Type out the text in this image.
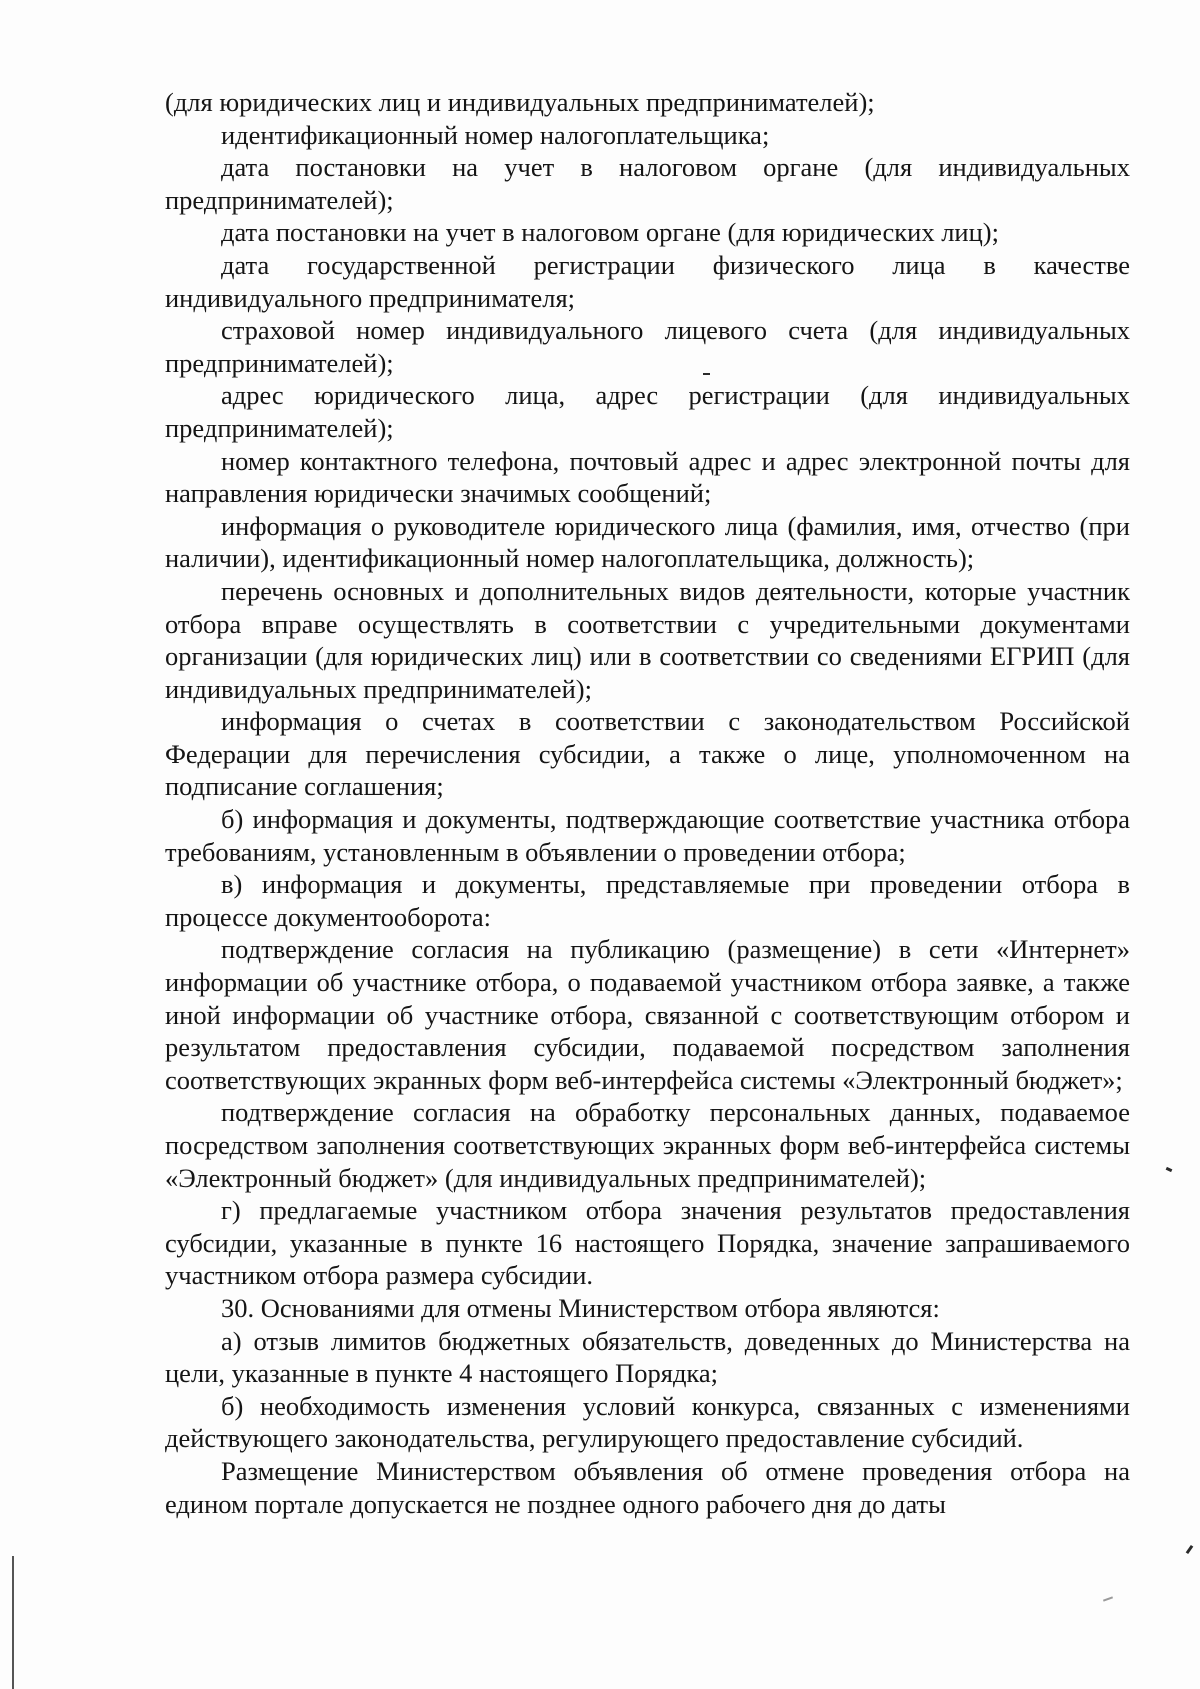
(для юридических лиц и индивидуальных предпринимателей);

идентификационный номер налогоплательщика;

дата постановки на учет в налоговом органе (для индивидуальных предпринимателей);

дата постановки на учет в налоговом органе (для юридических лиц);

дата государственной регистрации физического лица в качестве индивидуального предпринимателя;

страховой номер индивидуального лицевого счета (для индивидуальных предпринимателей);

адрес юридического лица, адрес регистрации (для индивидуальных предпринимателей);

номер контактного телефона, почтовый адрес и адрес электронной почты для направления юридически значимых сообщений;

информация о руководителе юридического лица (фамилия, имя, отчество (при наличии), идентификационный номер налогоплательщика, должность);

перечень основных и дополнительных видов деятельности, которые участник отбора вправе осуществлять в соответствии с учредительными документами организации (для юридических лиц) или в соответствии со сведениями ЕГРИП (для индивидуальных предпринимателей);

информация о счетах в соответствии с законодательством Российской Федерации для перечисления субсидии, а также о лице, уполномоченном на подписание соглашения;

б) информация и документы, подтверждающие соответствие участника отбора требованиям, установленным в объявлении о проведении отбора;

в) информация и документы, представляемые при проведении отбора в процессе документооборота:

подтверждение согласия на публикацию (размещение) в сети «Интернет» информации об участнике отбора, о подаваемой участником отбора заявке, а также иной информации об участнике отбора, связанной с соответствующим отбором и результатом предоставления субсидии, подаваемой посредством заполнения соответствующих экранных форм веб-интерфейса системы «Электронный бюджет»;

подтверждение согласия на обработку персональных данных, подаваемое посредством заполнения соответствующих экранных форм веб-интерфейса системы «Электронный бюджет» (для индивидуальных предпринимателей);

г) предлагаемые участником отбора значения результатов предоставления субсидии, указанные в пункте 16 настоящего Порядка, значение запрашиваемого участником отбора размера субсидии.

30. Основаниями для отмены Министерством отбора являются:

а) отзыв лимитов бюджетных обязательств, доведенных до Министерства на цели, указанные в пункте 4 настоящего Порядка;

б) необходимость изменения условий конкурса, связанных с изменениями действующего законодательства, регулирующего предоставление субсидий.

Размещение Министерством объявления об отмене проведения отбора на едином портале допускается не позднее одного рабочего дня до даты
